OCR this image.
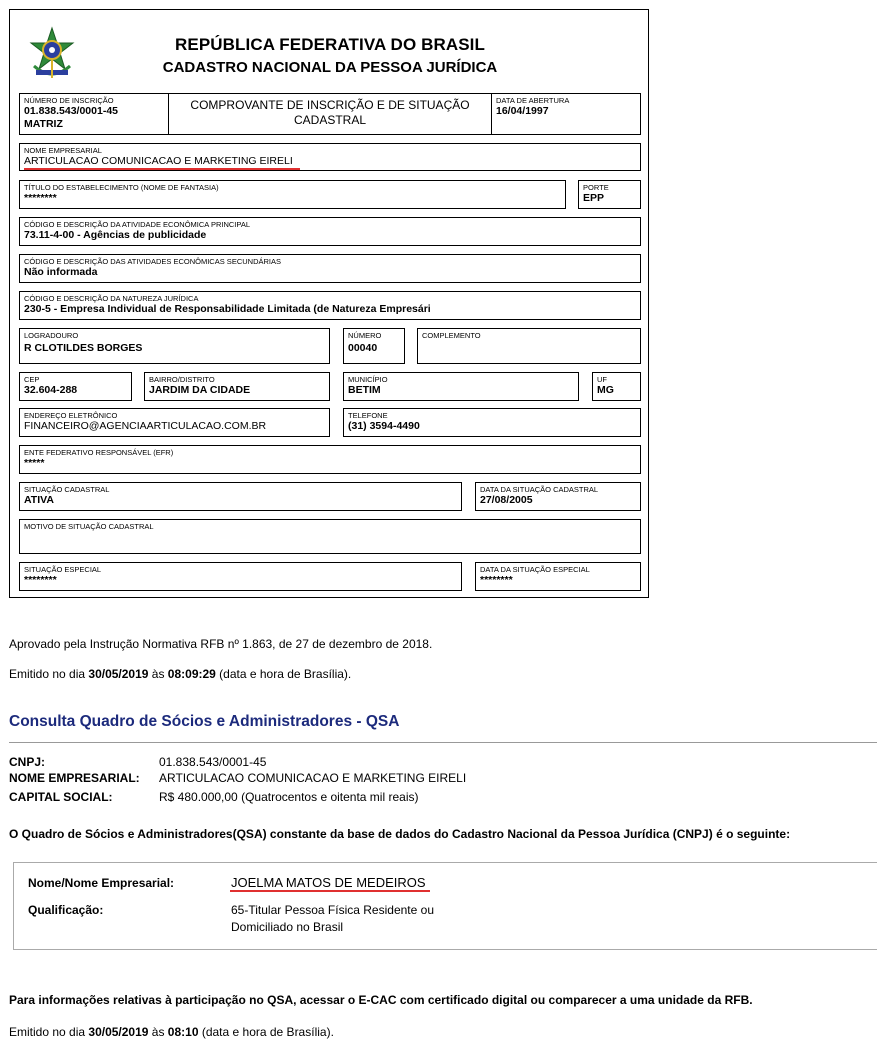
REPÚBLICA FEDERATIVA DO BRASIL
CADASTRO NACIONAL DA PESSOA JURÍDICA
NÚMERO DE INSCRIÇÃO
01.838.543/0001-45
MATRIZ
COMPROVANTE DE INSCRIÇÃO E DE SITUAÇÃO CADASTRAL
DATA DE ABERTURA
16/04/1997
NOME EMPRESARIAL
ARTICULACAO COMUNICACAO E MARKETING EIRELI
TÍTULO DO ESTABELECIMENTO (NOME DE FANTASIA)
********
PORTE
EPP
CÓDIGO E DESCRIÇÃO DA ATIVIDADE ECONÔMICA PRINCIPAL
73.11-4-00 - Agências de publicidade
CÓDIGO E DESCRIÇÃO DAS ATIVIDADES ECONÔMICAS SECUNDÁRIAS
Não informada
CÓDIGO E DESCRIÇÃO DA NATUREZA JURÍDICA
230-5 - Empresa Individual de Responsabilidade Limitada (de Natureza Empresári
LOGRADOURO
R CLOTILDES BORGES
NÚMERO
00040
COMPLEMENTO
CEP
32.604-288
BAIRRO/DISTRITO
JARDIM DA CIDADE
MUNICÍPIO
BETIM
UF
MG
ENDEREÇO ELETRÔNICO
FINANCEIRO@AGENCIAARTICULACAO.COM.BR
TELEFONE
(31) 3594-4490
ENTE FEDERATIVO RESPONSÁVEL (EFR)
*****
SITUAÇÃO CADASTRAL
ATIVA
DATA DA SITUAÇÃO CADASTRAL
27/08/2005
MOTIVO DE SITUAÇÃO CADASTRAL
SITUAÇÃO ESPECIAL
********
DATA DA SITUAÇÃO ESPECIAL
********
Aprovado pela Instrução Normativa RFB nº 1.863, de 27 de dezembro de 2018.
Emitido no dia 30/05/2019 às 08:09:29 (data e hora de Brasília).
Consulta Quadro de Sócios e Administradores - QSA
CNPJ:	01.838.543/0001-45
NOME EMPRESARIAL: ARTICULACAO COMUNICACAO E MARKETING EIRELI
CAPITAL SOCIAL:	R$ 480.000,00 (Quatrocentos e oitenta mil reais)
O Quadro de Sócios e Administradores(QSA) constante da base de dados do Cadastro Nacional da Pessoa Jurídica (CNPJ) é o seguinte:
Nome/Nome Empresarial:	JOELMA MATOS DE MEDEIROS
Qualificação:	65-Titular Pessoa Física Residente ou
Domiciliado no Brasil
Para informações relativas à participação no QSA, acessar o E-CAC com certificado digital ou comparecer a uma unidade da RFB.
Emitido no dia 30/05/2019 às 08:10 (data e hora de Brasília).
